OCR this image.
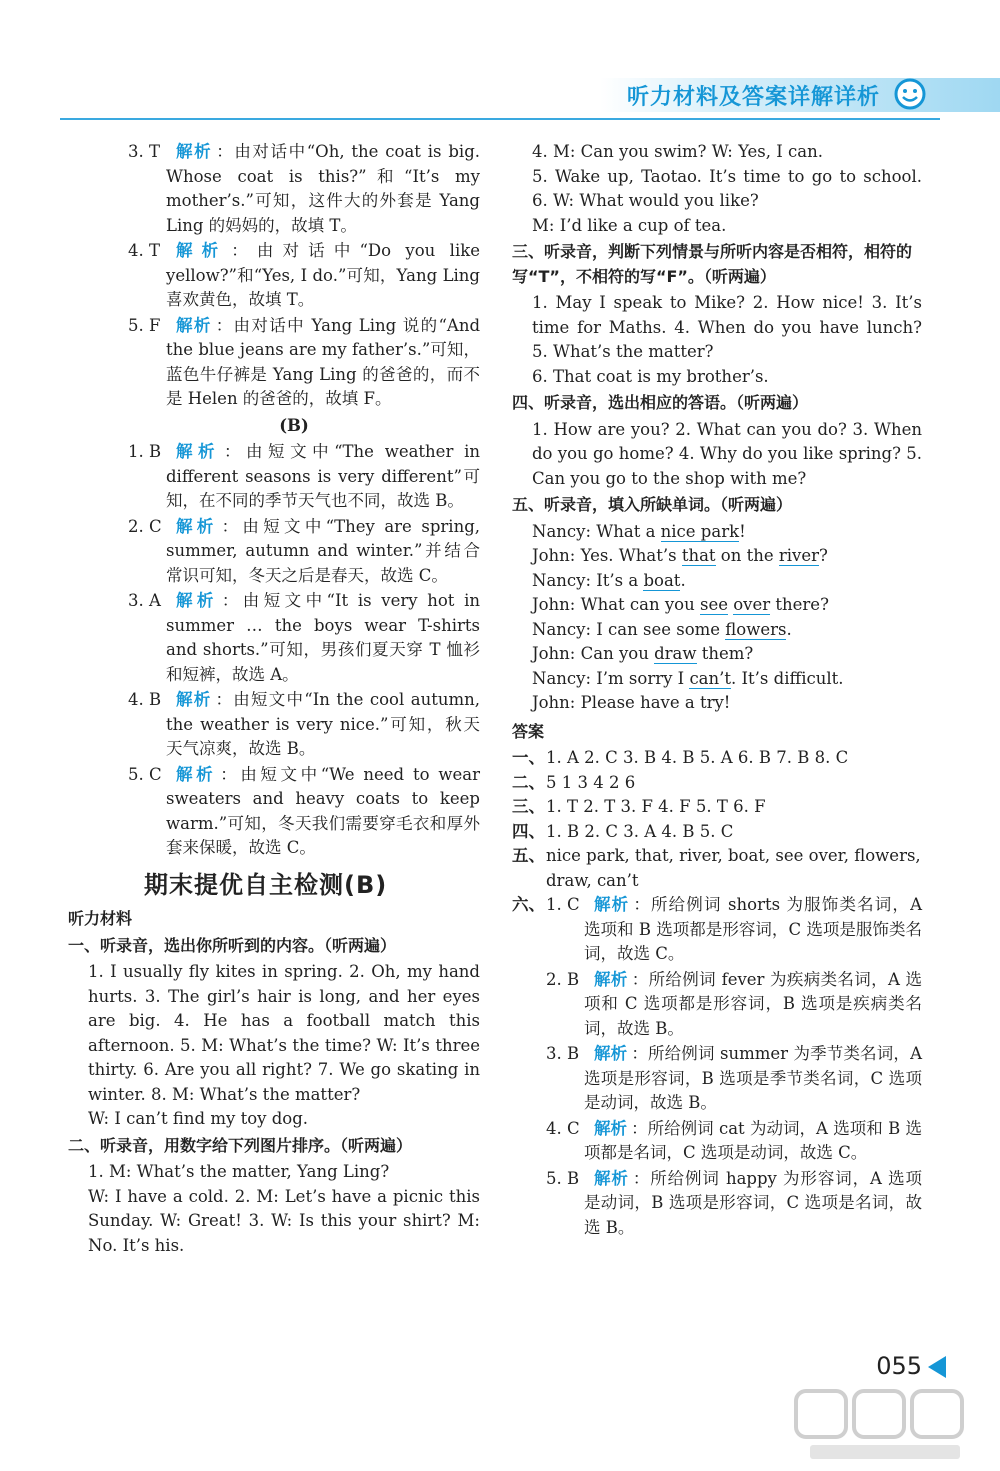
听力材料及答案详解详析
3. T 解析 ：由对话中“Oh, the coat is big. Whose coat is this?”和“It’s my mother’s.”可知，这件大的外套是 Yang Ling 的妈妈的，故填 T。
4. T 解析 ：由对话中“Do you like yellow?”和“Yes, I do.”可知，Yang Ling 喜欢黄色，故填 T。
5. F 解析 ：由对话中 Yang Ling 说的“And the blue jeans are my father’s.”可知，蓝色牛仔裤是 Yang Ling 的爸爸的，而不是 Helen 的爸爸的，故填 F。
(B)
1. B 解析 ：由短文中“The weather in different seasons is very different”可知，在不同的季节天气也不同，故选 B。
2. C 解析 ：由短文中“They are spring, summer, autumn and winter.”并结合常识可知，冬天之后是春天，故选 C。
3. A 解析 ：由短文中“It is very hot in summer … the boys wear T-shirts and shorts.”可知，男孩们夏天穿 T 恤衫和短裤，故选 A。
4. B 解析 ：由短文中“In the cool autumn, the weather is very nice.”可知，秋天天气凉爽，故选 B。
5. C 解析 ：由短文中“We need to wear sweaters and heavy coats to keep warm.”可知，冬天我们需要穿毛衣和厚外套来保暖，故选 C。
期末提优自主检测(B)
听力材料
一、听录音，选出你所听到的内容。（听两遍）
1. I usually fly kites in spring. 2. Oh, my hand hurts. 3. The girl’s hair is long, and her eyes are big. 4. He has a football match this afternoon. 5. M: What’s the time? W: It’s three thirty. 6. Are you all right? 7. We go skating in winter. 8. M: What’s the matter?
W: I can’t find my toy dog.
二、听录音，用数字给下列图片排序。（听两遍）
1. M: What’s the matter, Yang Ling?
W: I have a cold. 2. M: Let’s have a picnic this Sunday. W: Great! 3. W: Is this your shirt? M: No. It’s his.
4. M: Can you swim? W: Yes, I can.
5. Wake up, Taotao. It’s time to go to school. 6. W: What would you like?
M: I’d like a cup of tea.
三、听录音，判断下列情景与所听内容是否相符，相符的写“T”，不相符的写“F”。（听两遍）
1. May I speak to Mike? 2. How nice! 3. It’s time for Maths. 4. When do you have lunch? 5. What’s the matter?
6. That coat is my brother’s.
四、听录音，选出相应的答语。（听两遍）
1. How are you? 2. What can you do? 3. When do you go home? 4. Why do you like spring? 5. Can you go to the shop with me?
五、听录音，填入所缺单词。（听两遍）
Nancy: What a nice park!
John: Yes. What’s that on the river?
Nancy: It’s a boat.
John: What can you see over there?
Nancy: I can see some flowers.
John: Can you draw them?
Nancy: I’m sorry I can’t. It’s difficult.
John: Please have a try!
答案
一、 1. A 2. C 3. B 4. B 5. A 6. B 7. B 8. C
二、 5 1 3 4 2 6
三、 1. T 2. T 3. F 4. F 5. T 6. F
四、 1. B 2. C 3. A 4. B 5. C
五、 nice park, that, river, boat, see over, flowers, draw, can’t
六、 1. C 解析 ：所给例词 shorts 为服饰类名词，A 选项和 B 选项都是形容词，C 选项是服饰类名词，故选 C。
2. B 解析 ：所给例词 fever 为疾病类名词，A 选项和 C 选项都是形容词，B 选项是疾病类名词，故选 B。
3. B 解析 ：所给例词 summer 为季节类名词，A 选项是形容词，B 选项是季节类名词，C 选项是动词，故选 B。
4. C 解析 ：所给例词 cat 为动词，A 选项和 B 选项都是名词，C 选项是动词，故选 C。
5. B 解析 ：所给例词 happy 为形容词，A 选项是动词，B 选项是形容词，C 选项是名词，故选 B。
055
